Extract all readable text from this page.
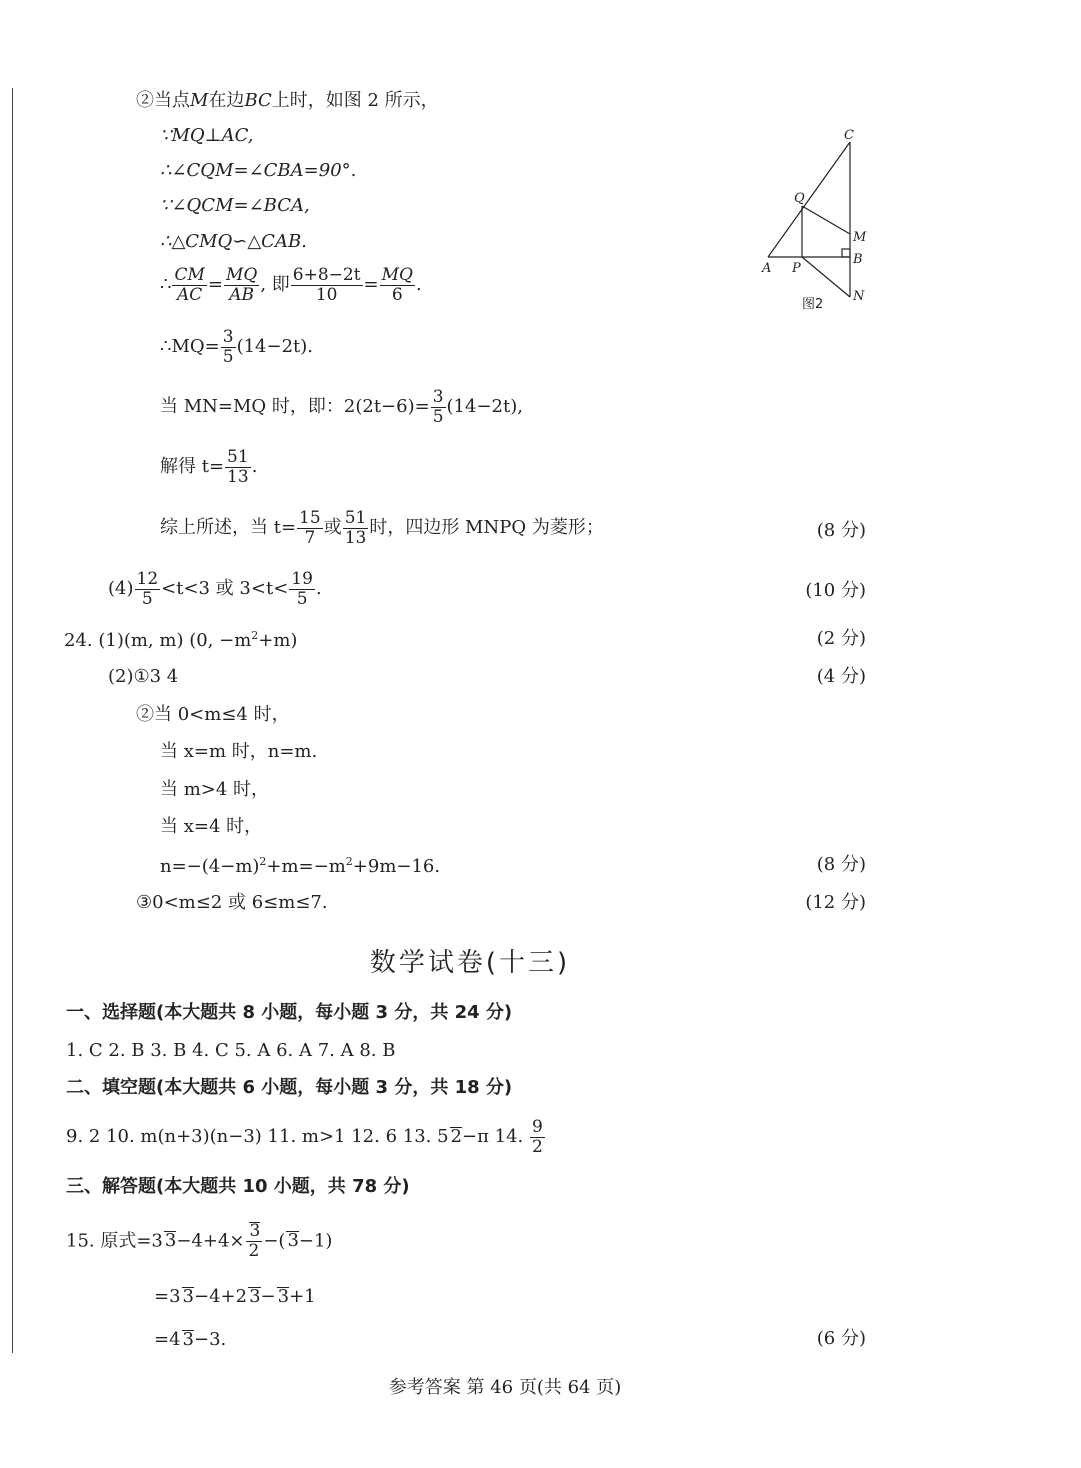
②当点M在边BC上时，如图 2 所示，
∵MQ⊥AC,
∴∠CQM=∠CBA=90°.
∵∠QCM=∠BCA,
∴△CMQ∽△CAB.
∴ $\frac{CM}{AC} = \frac{MQ}{AB}$ , 即 $\frac{6+8-2t}{10} = \frac{MQ}{6}$ .
∴MQ= $\frac{3}{5} (14-2t)$.
当 MN=MQ 时，即：$2(2t-6)= \frac{3}{5} (14-2t)$,
解得 $t= \frac{51}{13}$ .
综上所述，当 $t= \frac{15}{7}$ 或 $\frac{51}{13}$ 时，四边形 MNPQ 为菱形；	(8 分)
$(4) \frac{12}{5} <t<3$ 或 $3<t< \frac{19}{5}$ .	(10 分)
C
Q
M
A P
B
N
图2
24. (1)(m, m) (0, $-m^2+m$)	(2 分)
(2)①3 4	(4 分)
②当 0<m≤4 时，
当 x=m 时，n=m.
当 m>4 时，
当 x=4 时，
$n=-(4-m)^2+m=-m^2+9m-16$.	(8 分)
③0<m≤2 或 6≤m≤7.	(12 分)
数学试卷(十三)
一、选择题(本大题共 8 小题，每小题 3 分，共 24 分)
1. C 2. B 3. B 4. C 5. A 6. A 7. A 8. B
二、填空题(本大题共 6 小题，每小题 3 分，共 18 分)
9. 2 10. m(n+3)(n−3) 11. m>1 12. 6 13. 5 2−π 14. $\frac{9}{2}$
三、解答题(本大题共 10 小题，共 78 分)
15. 原式=3 $3-4+4\times \frac{3}{2}$ −( 3−1)
=3 3−4+2 3− 3+1
=4 3−3.	(6 分)
参考答案 第 46 页(共 64 页)
